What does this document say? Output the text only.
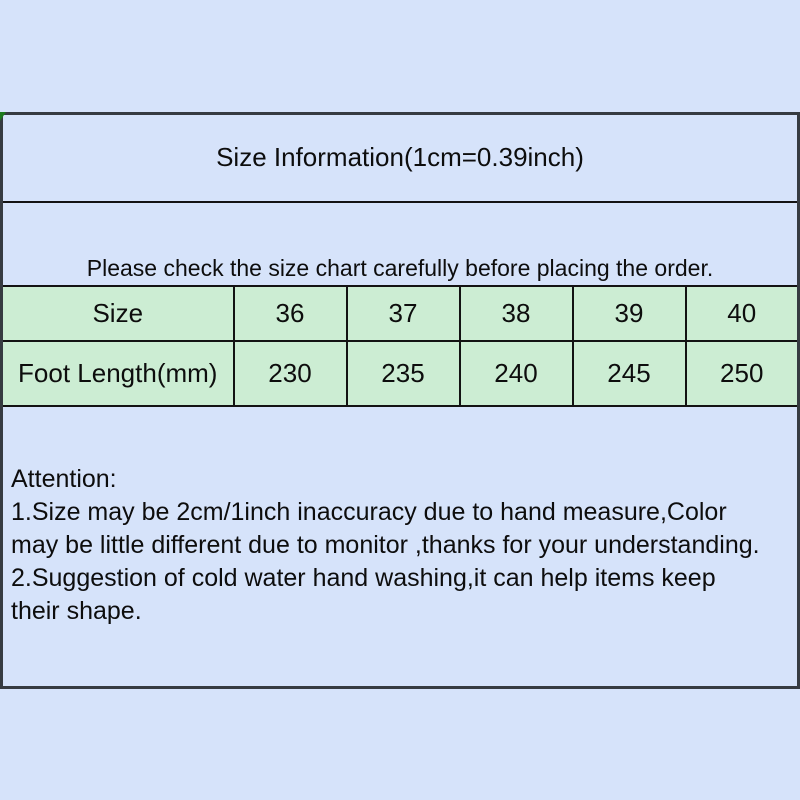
Size Information(1cm=0.39inch)					
Please check the size chart carefully before placing the order.					
Size	36	37	38	39	40
Foot Length(mm)	230	235	240	245	250

Attention:
1.Size may be 2cm/1inch inaccuracy due to hand measure,Color
may be little different due to monitor ,thanks for your understanding.
2.Suggestion of cold water hand washing,it can help items keep
their shape.					
